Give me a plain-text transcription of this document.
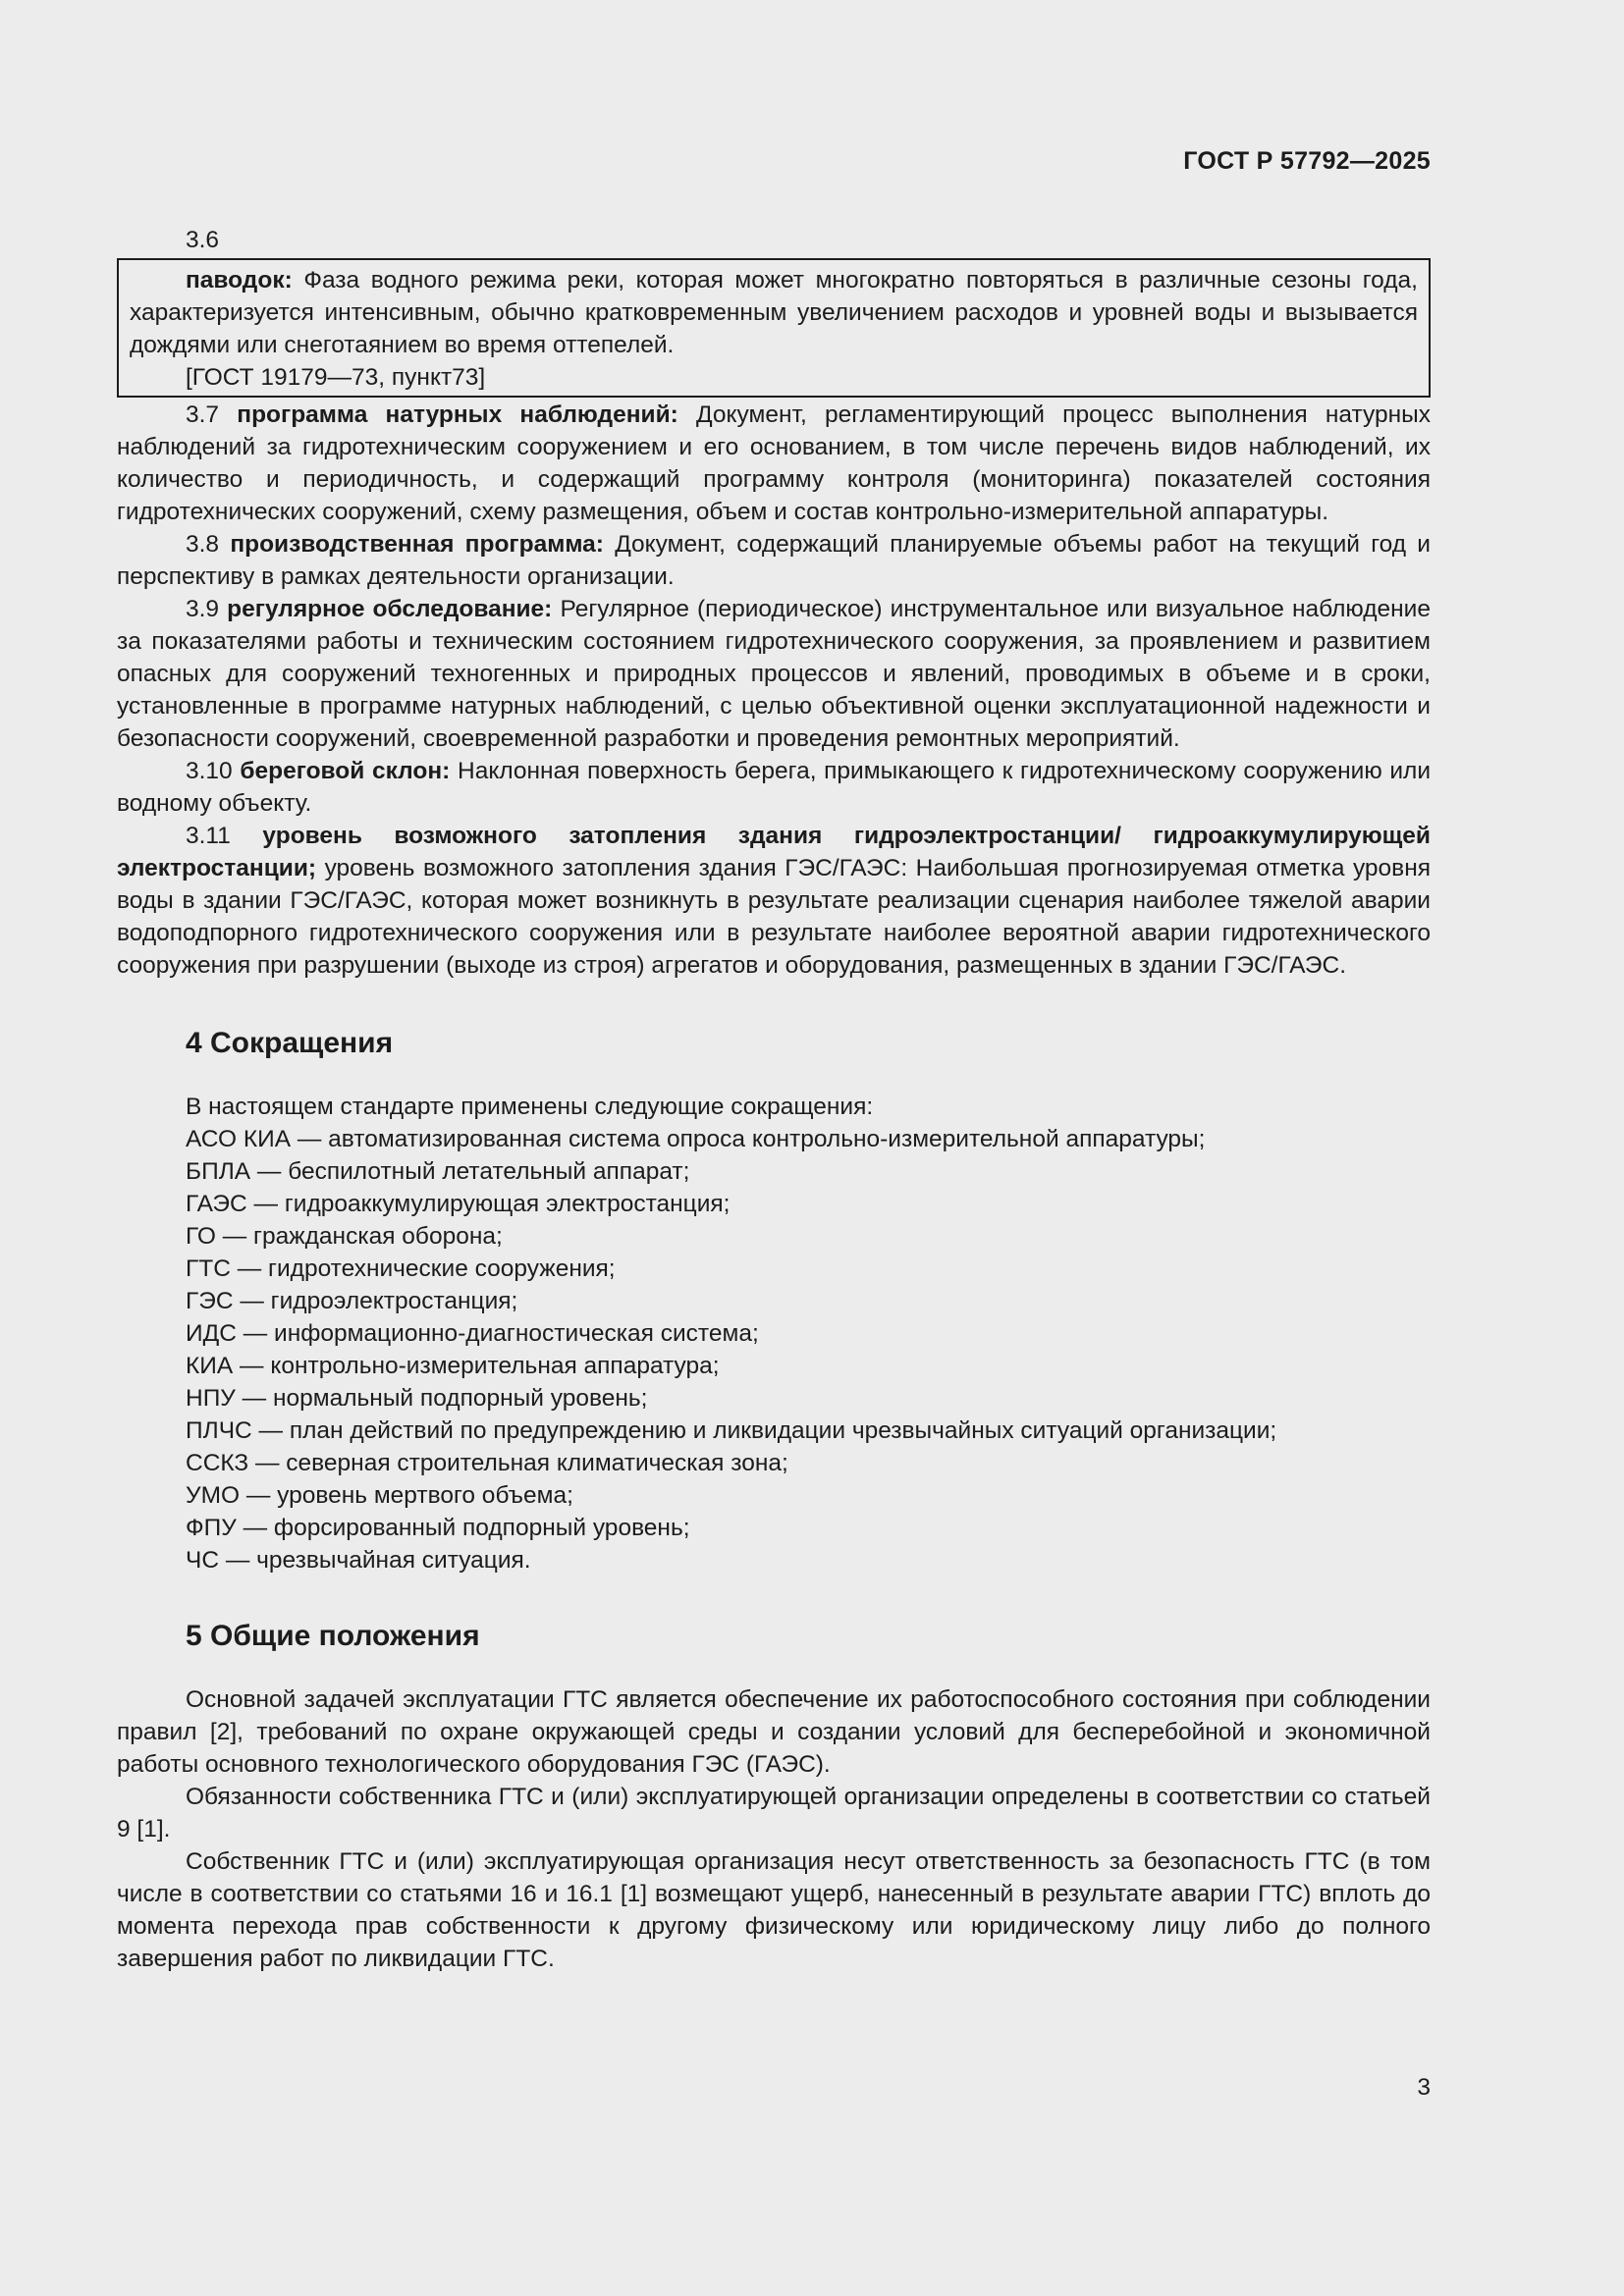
ГОСТ Р 57792—2025
3.6

паводок: Фаза водного режима реки, которая может многократно повторяться в различные сезоны года, характеризуется интенсивным, обычно кратковременным увеличением расходов и уровней воды и вызывается дождями или снеготаянием во время оттепелей.

[ГОСТ 19179—73, пункт73]

3.7 программа натурных наблюдений: Документ, регламентирующий процесс выполнения натурных наблюдений за гидротехническим сооружением и его основанием, в том числе перечень видов наблюдений, их количество и периодичность, и содержащий программу контроля (мониторинга) показателей состояния гидротехнических сооружений, схему размещения, объем и состав контрольно-измерительной аппаратуры.

3.8 производственная программа: Документ, содержащий планируемые объемы работ на текущий год и перспективу в рамках деятельности организации.

3.9 регулярное обследование: Регулярное (периодическое) инструментальное или визуальное наблюдение за показателями работы и техническим состоянием гидротехнического сооружения, за проявлением и развитием опасных для сооружений техногенных и природных процессов и явлений, проводимых в объеме и в сроки, установленные в программе натурных наблюдений, с целью объективной оценки эксплуатационной надежности и безопасности сооружений, своевременной разработки и проведения ремонтных мероприятий.

3.10 береговой склон: Наклонная поверхность берега, примыкающего к гидротехническому сооружению или водному объекту.

3.11 уровень возможного затопления здания гидроэлектростанции/ гидроаккумулирующей электростанции; уровень возможного затопления здания ГЭС/ГАЭС: Наибольшая прогнозируемая отметка уровня воды в здании ГЭС/ГАЭС, которая может возникнуть в результате реализации сценария наиболее тяжелой аварии водоподпорного гидротехнического сооружения или в результате наиболее вероятной аварии гидротехнического сооружения при разрушении (выходе из строя) агрегатов и оборудования, размещенных в здании ГЭС/ГАЭС.

4 Сокращения
В настоящем стандарте применены следующие сокращения:
АСО КИА — автоматизированная система опроса контрольно-измерительной аппаратуры;
БПЛА — беспилотный летательный аппарат;
ГАЭС — гидроаккумулирующая электростанция;
ГО — гражданская оборона;
ГТС — гидротехнические сооружения;
ГЭС — гидроэлектростанция;
ИДС — информационно-диагностическая система;
КИА — контрольно-измерительная аппаратура;
НПУ — нормальный подпорный уровень;
ПЛЧС — план действий по предупреждению и ликвидации чрезвычайных ситуаций организации;
ССКЗ — северная строительная климатическая зона;
УМО — уровень мертвого объема;
ФПУ — форсированный подпорный уровень;
ЧС — чрезвычайная ситуация.
5 Общие положения

Основной задачей эксплуатации ГТС является обеспечение их работоспособного состояния при соблюдении правил [2], требований по охране окружающей среды и создании условий для бесперебойной и экономичной работы основного технологического оборудования ГЭС (ГАЭС).

Обязанности собственника ГТС и (или) эксплуатирующей организации определены в соответствии со статьей 9 [1].

Собственник ГТС и (или) эксплуатирующая организация несут ответственность за безопасность ГТС (в том числе в соответствии со статьями 16 и 16.1 [1] возмещают ущерб, нанесенный в результате аварии ГТС) вплоть до момента перехода прав собственности к другому физическому или юридическому лицу либо до полного завершения работ по ликвидации ГТС.

3
